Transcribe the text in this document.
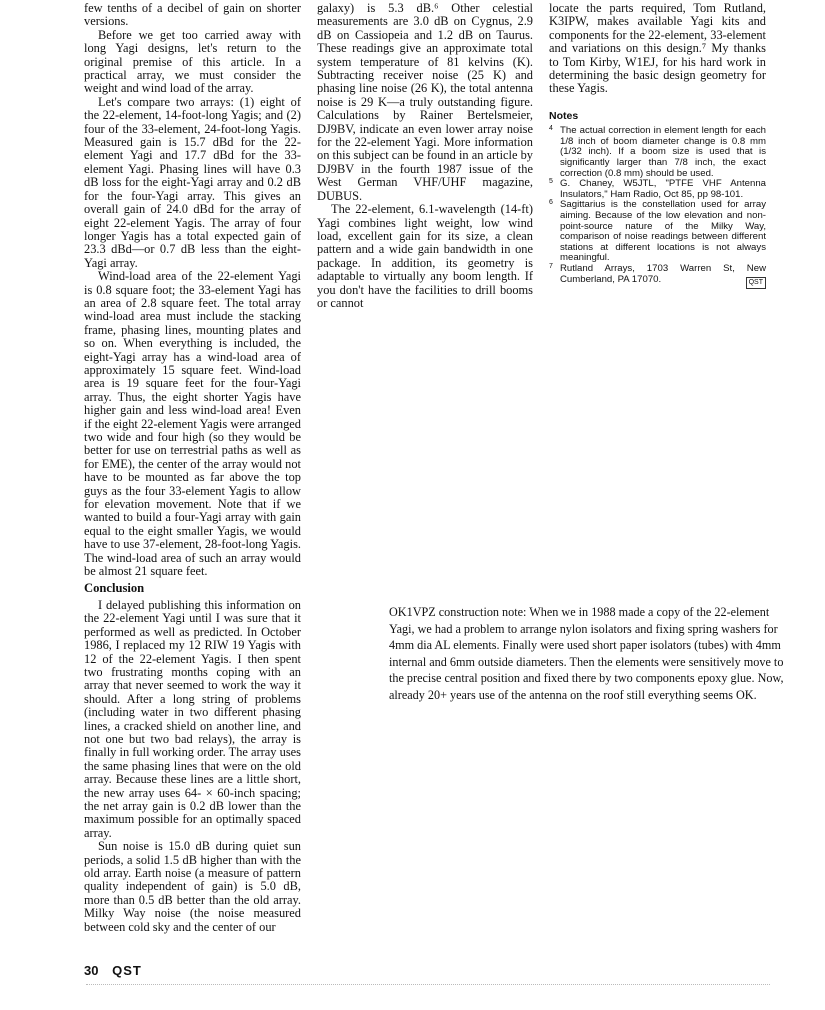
few tenths of a decibel of gain on shorter versions.

Before we get too carried away with long Yagi designs, let's return to the original premise of this article. In a practical array, we must consider the weight and wind load of the array.

Let's compare two arrays: (1) eight of the 22-element, 14-foot-long Yagis; and (2) four of the 33-element, 24-foot-long Yagis. Measured gain is 15.7 dBd for the 22-element Yagi and 17.7 dBd for the 33-element Yagi. Phasing lines will have 0.3 dB loss for the eight-Yagi array and 0.2 dB for the four-Yagi array. This gives an overall gain of 24.0 dBd for the array of eight 22-element Yagis. The array of four longer Yagis has a total expected gain of 23.3 dBd—or 0.7 dB less than the eight-Yagi array.

Wind-load area of the 22-element Yagi is 0.8 square foot; the 33-element Yagi has an area of 2.8 square feet. The total array wind-load area must include the stacking frame, phasing lines, mounting plates and so on. When everything is included, the eight-Yagi array has a wind-load area of approximately 15 square feet. Wind-load area is 19 square feet for the four-Yagi array. Thus, the eight shorter Yagis have higher gain and less wind-load area! Even if the eight 22-element Yagis were arranged two wide and four high (so they would be better for use on terrestrial paths as well as for EME), the center of the array would not have to be mounted as far above the top guys as the four 33-element Yagis to allow for elevation movement. Note that if we wanted to build a four-Yagi array with gain equal to the eight smaller Yagis, we would have to use 37-element, 28-foot-long Yagis. The wind-load area of such an array would be almost 21 square feet.

Conclusion

I delayed publishing this information on the 22-element Yagi until I was sure that it performed as well as predicted. In October 1986, I replaced my 12 RIW 19 Yagis with 12 of the 22-element Yagis. I then spent two frustrating months coping with an array that never seemed to work the way it should. After a long string of problems (including water in two different phasing lines, a cracked shield on another line, and not one but two bad relays), the array is finally in full working order. The array uses the same phasing lines that were on the old array. Because these lines are a little short, the new array uses 64- × 60-inch spacing; the net array gain is 0.2 dB lower than the maximum possible for an optimally spaced array.

Sun noise is 15.0 dB during quiet sun periods, a solid 1.5 dB higher than with the old array. Earth noise (a measure of pattern quality independent of gain) is 5.0 dB, more than 0.5 dB better than the old array. Milky Way noise (the noise measured between cold sky and the center of our

galaxy) is 5.3 dB.⁶ Other celestial measurements are 3.0 dB on Cygnus, 2.9 dB on Cassiopeia and 1.2 dB on Taurus. These readings give an approximate total system temperature of 81 kelvins (K). Subtracting receiver noise (25 K) and phasing line noise (26 K), the total antenna noise is 29 K—a truly outstanding figure. Calculations by Rainer Bertelsmeier, DJ9BV, indicate an even lower array noise for the 22-element Yagi. More information on this subject can be found in an article by DJ9BV in the fourth 1987 issue of the West German VHF/UHF magazine, DUBUS.

The 22-element, 6.1-wavelength (14-ft) Yagi combines light weight, low wind load, excellent gain for its size, a clean pattern and a wide gain bandwidth in one package. In addition, its geometry is adaptable to virtually any boom length. If you don't have the facilities to drill booms or cannot

locate the parts required, Tom Rutland, K3IPW, makes available Yagi kits and components for the 22-element, 33-element and variations on this design.⁷ My thanks to Tom Kirby, W1EJ, for his hard work in determining the basic design geometry for these Yagis.

Notes
4 The actual correction in element length for each 1/8 inch of boom diameter change is 0.8 mm (1/32 inch). If a boom size is used that is significantly larger than 7/8 inch, the exact correction (0.8 mm) should be used.
5 G. Chaney, W5JTL, "PTFE VHF Antenna Insulators," Ham Radio, Oct 85, pp 98-101.
6 Sagittarius is the constellation used for array aiming. Because of the low elevation and non-point-source nature of the Milky Way, comparison of noise readings between different stations at different locations is not always meaningful.
7 Rutland Arrays, 1703 Warren St, New Cumberland, PA 17070.	QST
OK1VPZ construction note: When we in 1988 made a copy of the 22-element Yagi, we had a problem to arrange nylon isolators and fixing spring washers for 4mm dia AL elements. Finally were used short paper isolators (tubes) with 4mm internal and 6mm outside diameters. Then the elements were sensitively move to the precise central position and fixed there by two components epoxy glue. Now, already 20+ years use of the antenna on the roof still everything seems OK.
30 QST
